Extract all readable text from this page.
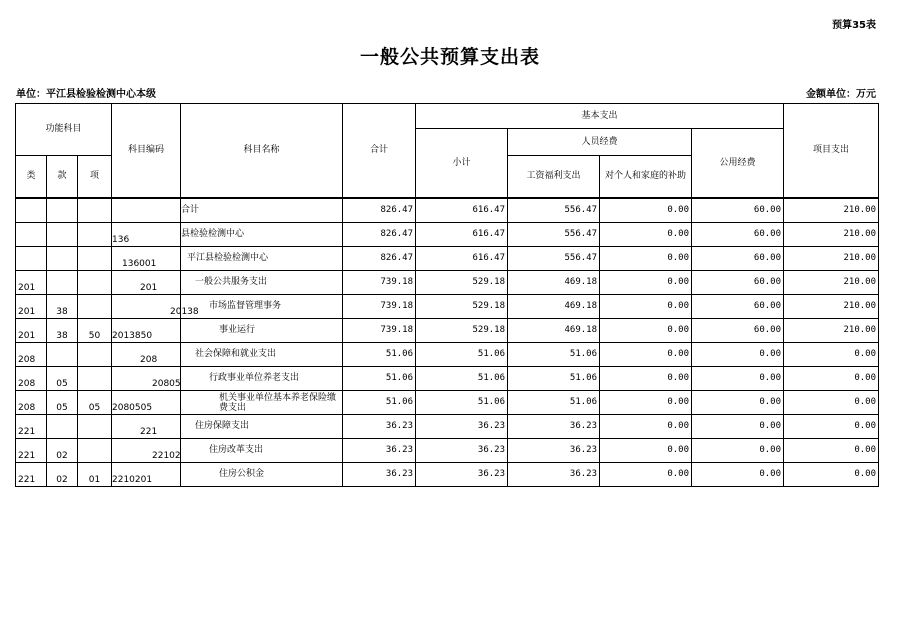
预算35表
一般公共预算支出表
单位：平江县检验检测中心本级	金额单位：万元
功能科目			科目编码	科目名称	合计	基本支出				项目支出
						小计	人员经费		公用经费	
类	款	项					工资福利支出	对个人和家庭的补助		

				合计	826.47	616.47	556.47	0.00	60.00	210.00
			136	县检验检测中心	826.47	616.47	556.47	0.00	60.00	210.00
			136001	平江县检验检测中心	826.47	616.47	556.47	0.00	60.00	210.00
201			201	一般公共服务支出	739.18	529.18	469.18	0.00	60.00	210.00
201	38		20138	市场监督管理事务	739.18	529.18	469.18	0.00	60.00	210.00
201	38	50	2013850	事业运行	739.18	529.18	469.18	0.00	60.00	210.00
208			208	社会保障和就业支出	51.06	51.06	51.06	0.00	0.00	0.00
208	05		20805	行政事业单位养老支出	51.06	51.06	51.06	0.00	0.00	0.00
208	05	05	2080505	机关事业单位基本养老保险缴费支出	51.06	51.06	51.06	0.00	0.00	0.00
221			221	住房保障支出	36.23	36.23	36.23	0.00	0.00	0.00
221	02		22102	住房改革支出	36.23	36.23	36.23	0.00	0.00	0.00
221	02	01	2210201	住房公积金	36.23	36.23	36.23	0.00	0.00	0.00
